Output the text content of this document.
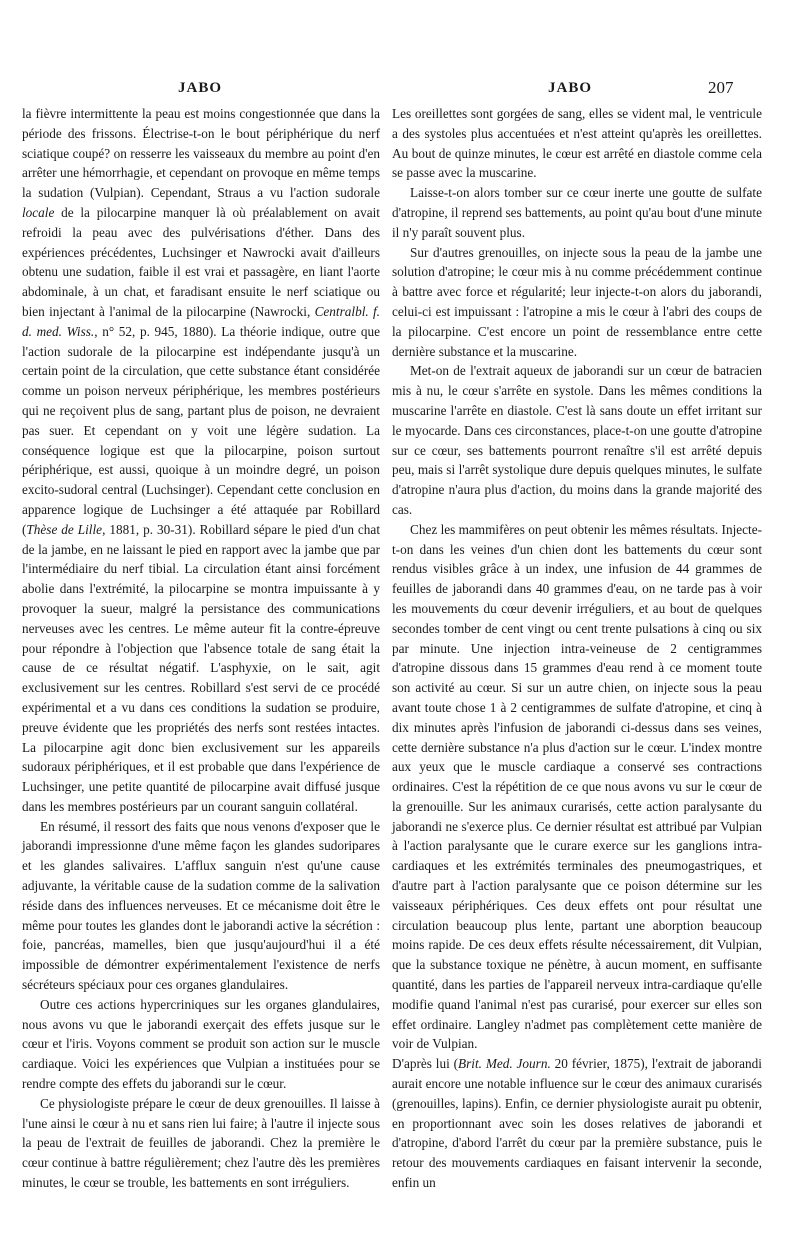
JABO	JABO	207

la fièvre intermittente la peau est moins congestionnée que dans la période des frissons. Électrise-t-on le bout périphérique du nerf sciatique coupé? on resserre les vaisseaux du membre au point d'en arrêter une hémorrhagie, et cependant on provoque en même temps la sudation (Vulpian). Cependant, Straus a vu l'action sudorale locale de la pilocarpine manquer là où préalablement on avait refroidi la peau avec des pulvérisations d'éther. Dans des expériences précédentes, Luchsinger et Nawrocki avait d'ailleurs obtenu une sudation, faible il est vrai et passagère, en liant l'aorte abdominale, à un chat, et faradisant ensuite le nerf sciatique ou bien injectant à l'animal de la pilocarpine (Nawrocki, Centralbl. f. d. med. Wiss., n° 52, p. 945, 1880). La théorie indique, outre que l'action sudorale de la pilocarpine est indépendante jusqu'à un certain point de la circulation, que cette substance étant considérée comme un poison nerveux périphérique, les membres postérieurs qui ne reçoivent plus de sang, partant plus de poison, ne devraient pas suer. Et cependant on y voit une légère sudation. La conséquence logique est que la pilocarpine, poison surtout périphérique, est aussi, quoique à un moindre degré, un poison excito-sudoral central (Luchsinger). Cependant cette conclusion en apparence logique de Luchsinger a été attaquée par Robillard (Thèse de Lille, 1881, p. 30-31). Robillard sépare le pied d'un chat de la jambe, en ne laissant le pied en rapport avec la jambe que par l'intermédiaire du nerf tibial. La circulation étant ainsi forcément abolie dans l'extrémité, la pilocarpine se montra impuissante à y provoquer la sueur, malgré la persistance des communications nerveuses avec les centres. Le même auteur fit la contre-épreuve pour répondre à l'objection que l'absence totale de sang était la cause de ce résultat négatif. L'asphyxie, on le sait, agit exclusivement sur les centres. Robillard s'est servi de ce procédé expérimental et a vu dans ces conditions la sudation se produire, preuve évidente que les propriétés des nerfs sont restées intactes. La pilocarpine agit donc bien exclusivement sur les appareils sudoraux périphériques, et il est probable que dans l'expérience de Luchsinger, une petite quantité de pilocarpine avait diffusé jusque dans les membres postérieurs par un courant sanguin collatéral.

En résumé, il ressort des faits que nous venons d'exposer que le jaborandi impressionne d'une même façon les glandes sudoripares et les glandes salivaires. L'afflux sanguin n'est qu'une cause adjuvante, la véritable cause de la sudation comme de la salivation réside dans des influences nerveuses. Et ce mécanisme doit être le même pour toutes les glandes dont le jaborandi active la sécrétion : foie, pancréas, mamelles, bien que jusqu'aujourd'hui il a été impossible de démontrer expérimentalement l'existence de nerfs sécréteurs spéciaux pour ces organes glandulaires.

Outre ces actions hypercriniques sur les organes glandulaires, nous avons vu que le jaborandi exerçait des effets jusque sur le cœur et l'iris. Voyons comment se produit son action sur le muscle cardiaque. Voici les expériences que Vulpian a instituées pour se rendre compte des effets du jaborandi sur le cœur.

Ce physiologiste prépare le cœur de deux grenouilles. Il laisse à l'une ainsi le cœur à nu et sans rien lui faire; à l'autre il injecte sous la peau de l'extrait de feuilles de jaborandi. Chez la première le cœur continue à battre régulièrement; chez l'autre dès les premières minutes, le cœur se trouble, les battements en sont irréguliers.

Les oreillettes sont gorgées de sang, elles se vident mal, le ventricule a des systoles plus accentuées et n'est atteint qu'après les oreillettes. Au bout de quinze minutes, le cœur est arrêté en diastole comme cela se passe avec la muscarine.

Laisse-t-on alors tomber sur ce cœur inerte une goutte de sulfate d'atropine, il reprend ses battements, au point qu'au bout d'une minute il n'y paraît souvent plus.

Sur d'autres grenouilles, on injecte sous la peau de la jambe une solution d'atropine; le cœur mis à nu comme précédemment continue à battre avec force et régularité; leur injecte-t-on alors du jaborandi, celui-ci est impuissant : l'atropine a mis le cœur à l'abri des coups de la pilocarpine. C'est encore un point de ressemblance entre cette dernière substance et la muscarine.

Met-on de l'extrait aqueux de jaborandi sur un cœur de batracien mis à nu, le cœur s'arrête en systole. Dans les mêmes conditions la muscarine l'arrête en diastole. C'est là sans doute un effet irritant sur le myocarde. Dans ces circonstances, place-t-on une goutte d'atropine sur ce cœur, ses battements pourront renaître s'il est arrêté depuis peu, mais si l'arrêt systolique dure depuis quelques minutes, le sulfate d'atropine n'aura plus d'action, du moins dans la grande majorité des cas.

Chez les mammifères on peut obtenir les mêmes résultats. Injecte-t-on dans les veines d'un chien dont les battements du cœur sont rendus visibles grâce à un index, une infusion de 44 grammes de feuilles de jaborandi dans 40 grammes d'eau, on ne tarde pas à voir les mouvements du cœur devenir irréguliers, et au bout de quelques secondes tomber de cent vingt ou cent trente pulsations à cinq ou six par minute. Une injection intra-veineuse de 2 centigrammes d'atropine dissous dans 15 grammes d'eau rend à ce moment toute son activité au cœur. Si sur un autre chien, on injecte sous la peau avant toute chose 1 à 2 centigrammes de sulfate d'atropine, et cinq à dix minutes après l'infusion de jaborandi ci-dessus dans ses veines, cette dernière substance n'a plus d'action sur le cœur. L'index montre aux yeux que le muscle cardiaque a conservé ses contractions ordinaires. C'est la répétition de ce que nous avons vu sur le cœur de la grenouille. Sur les animaux curarisés, cette action paralysante du jaborandi ne s'exerce plus. Ce dernier résultat est attribué par Vulpian à l'action paralysante que le curare exerce sur les ganglions intra-cardiaques et les extrémités terminales des pneumogastriques, et d'autre part à l'action paralysante que ce poison détermine sur les vaisseaux périphériques. Ces deux effets ont pour résultat une circulation beaucoup plus lente, partant une aborption beaucoup moins rapide. De ces deux effets résulte nécessairement, dit Vulpian, que la substance toxique ne pénètre, à aucun moment, en suffisante quantité, dans les parties de l'appareil nerveux intra-cardiaque qu'elle modifie quand l'animal n'est pas curarisé, pour exercer sur elles son effet ordinaire. Langley n'admet pas complètement cette manière de voir de Vulpian.

D'après lui (Brit. Med. Journ. 20 février, 1875), l'extrait de jaborandi aurait encore une notable influence sur le cœur des animaux curarisés (grenouilles, lapins). Enfin, ce dernier physiologiste aurait pu obtenir, en proportionnant avec soin les doses relatives de jaborandi et d'atropine, d'abord l'arrêt du cœur par la première substance, puis le retour des mouvements cardiaques en faisant intervenir la seconde, enfin un
